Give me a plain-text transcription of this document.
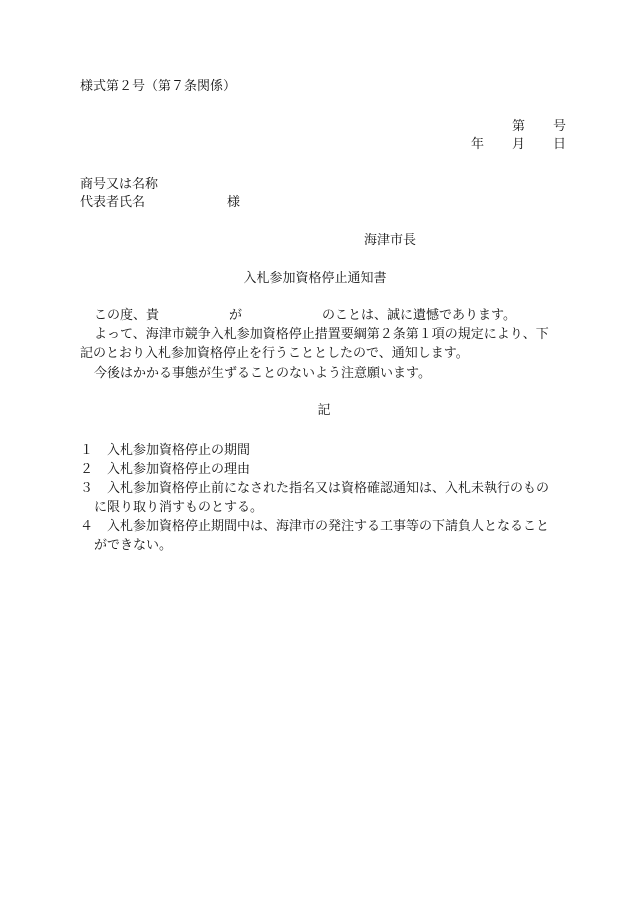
様式第２号（第７条関係）
第 号
年 月 日
商号又は名称
代表者氏名	様
海津市長
入札参加資格停止通知書
この度、貴	が	のことは、誠に遺憾であります。
よって、海津市競争入札参加資格停止措置要綱第２条第１項の規定により、下
記のとおり入札参加資格停止を行うこととしたので、通知します。
今後はかかる事態が生ずることのないよう注意願います。
記
１ 入札参加資格停止の期間
２ 入札参加資格停止の理由
３ 入札参加資格停止前になされた指名又は資格確認通知は、入札未執行のもの
に限り取り消すものとする。
４ 入札参加資格停止期間中は、海津市の発注する工事等の下請負人となること
ができない。
